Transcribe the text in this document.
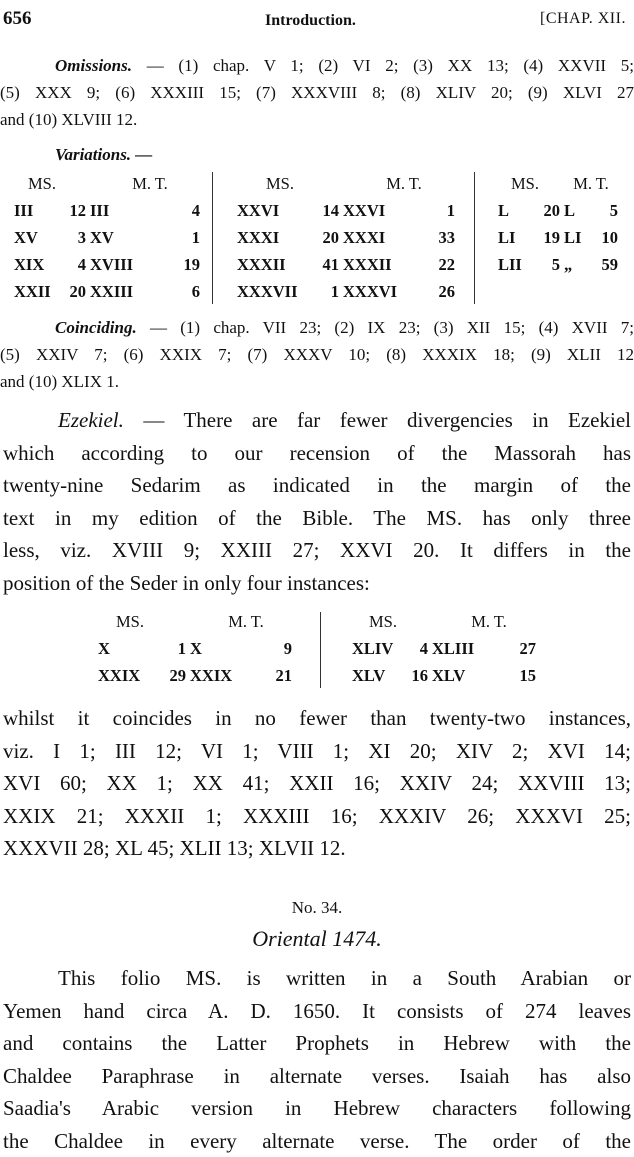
656	Introduction.	[CHAP. XII.
Omissions. — (1) chap. V 1; (2) VI 2; (3) XX 13; (4) XXVII 5;
(5) XXX 9; (6) XXXIII 15; (7) XXXVIII 8; (8) XLIV 20; (9) XLVI 27
and (10) XLVIII 12.
Variations. —
MS.		M. T.	
III	12	III	4
XV	3	XV	1
XIX	4	XVIII	19
XXII	20	XXIII	6
MS.		M. T.	
XXVI	14	XXVI	1
XXXI	20	XXXI	33
XXXII	41	XXXII	22
XXXVII	1	XXXVI	26
MS.		M. T.	
L	20	L	5
LI	19	LI	10
LII	5	„	59
Coinciding. — (1) chap. VII 23; (2) IX 23; (3) XII 15; (4) XVII 7;
(5) XXIV 7; (6) XXIX 7; (7) XXXV 10; (8) XXXIX 18; (9) XLII 12
and (10) XLIX 1.
Ezekiel. — There are far fewer divergencies in Ezekiel
which according to our recension of the Massorah has
twenty-nine Sedarim as indicated in the margin of the
text in my edition of the Bible. The MS. has only three
less, viz. XVIII 9; XXIII 27; XXVI 20. It differs in the
position of the Seder in only four instances:
MS.		M. T.	
X	1	X	9
XXIX	29	XXIX	21
MS.		M. T.	
XLIV	4	XLIII	27
XLV	16	XLV	15
whilst it coincides in no fewer than twenty-two instances,
viz. I 1; III 12; VI 1; VIII 1; XI 20; XIV 2; XVI 14;
XVI 60; XX 1; XX 41; XXII 16; XXIV 24; XXVIII 13;
XXIX 21; XXXII 1; XXXIII 16; XXXIV 26; XXXVI 25;
XXXVII 28; XL 45; XLII 13; XLVII 12.
No. 34.
Oriental 1474.
This folio MS. is written in a South Arabian or
Yemen hand circa A. D. 1650. It consists of 274 leaves
and contains the Latter Prophets in Hebrew with the
Chaldee Paraphrase in alternate verses. Isaiah has also
Saadia's Arabic version in Hebrew characters following
the Chaldee in every alternate verse. The order of the
